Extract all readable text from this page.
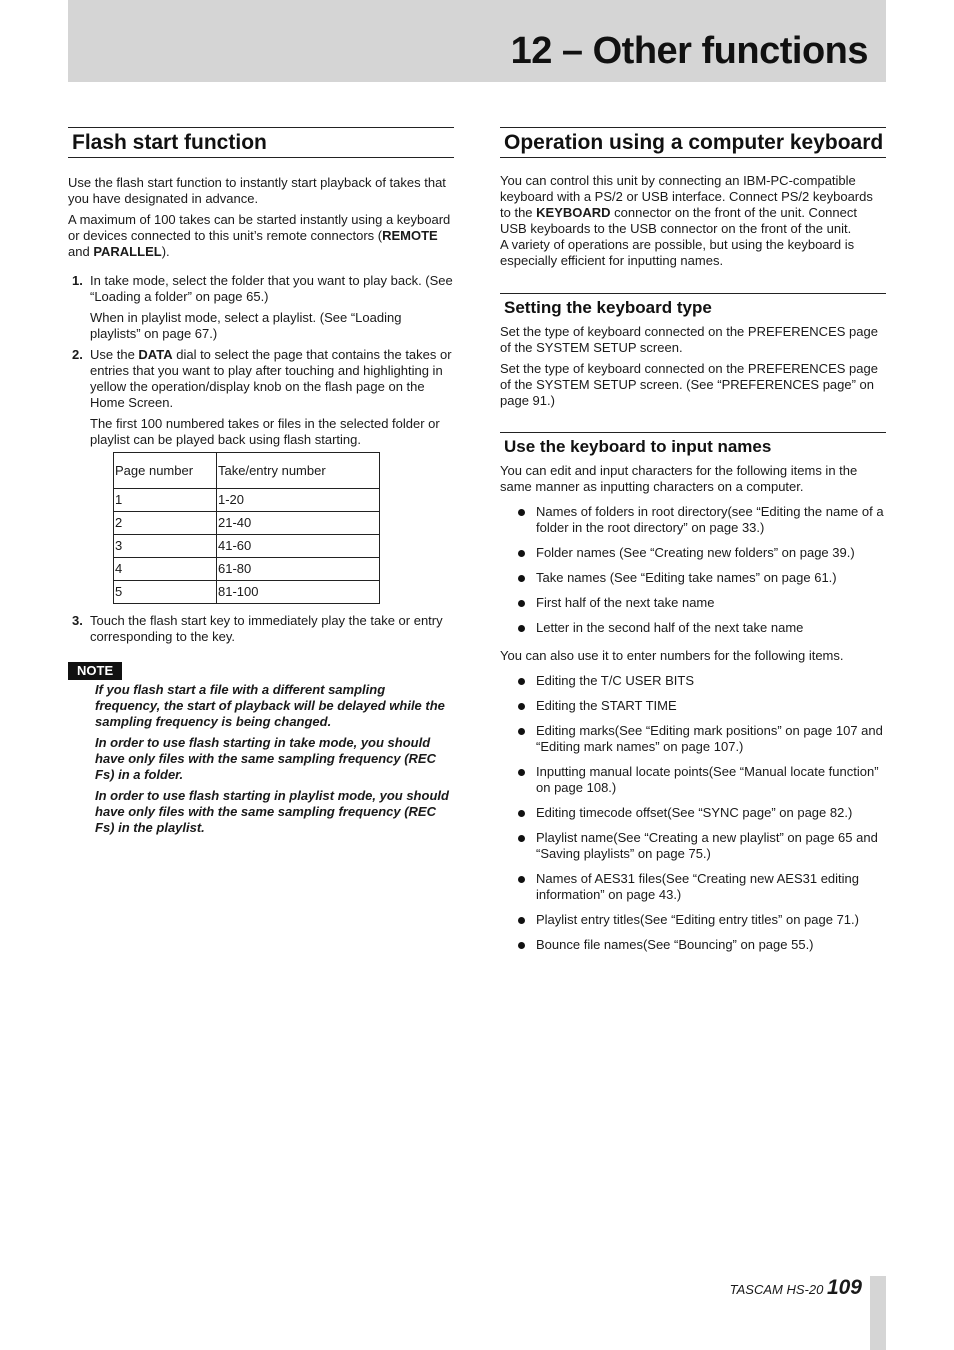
12 – Other functions
Flash start function

Use the flash start function to instantly start playback of takes that you have designated in advance.

A maximum of 100 takes can be started instantly using a keyboard or devices connected to this unit’s remote connectors (REMOTE and PARALLEL).

1. In take mode, select the folder that you want to play back. (See “Loading a folder” on page 65.)

When in playlist mode, select a playlist. (See “Loading playlists” on page 67.)

2. Use the DATA dial to select the page that contains the takes or entries that you want to play after touching and highlighting in yellow the operation/display knob on the flash page on the Home Screen.

The first 100 numbered takes or files in the selected folder or playlist can be played back using flash starting.

Page number	Take/entry number
1	1-20
2	21-40
3	41-60
4	61-80
5	81-100
3. Touch the flash start key to immediately play the take or entry corresponding to the key.

NOTE

If you flash start a file with a different sampling frequency, the start of playback will be delayed while the sampling frequency is being changed.

In order to use flash starting in take mode, you should have only files with the same sampling frequency (REC Fs) in a folder.

In order to use flash starting in playlist mode, you should have only files with the same sampling frequency (REC Fs) in the playlist.

Operation using a computer keyboard

You can control this unit by connecting an IBM-PC-compatible keyboard with a PS/2 or USB interface. Connect PS/2 keyboards to the KEYBOARD connector on the front of the unit. Connect USB keyboards to the USB connector on the front of the unit.

A variety of operations are possible, but using the keyboard is especially efficient for inputting names.

Setting the keyboard type

Set the type of keyboard connected on the PREFERENCES page of the SYSTEM SETUP screen.

Set the type of keyboard connected on the PREFERENCES page of the SYSTEM SETUP screen. (See “PREFERENCES page” on page 91.)

Use the keyboard to input names

You can edit and input characters for the following items in the same manner as inputting characters on a computer.

Names of folders in root directory(see “Editing the name of a folder in the root directory” on page 33.)
Folder names (See “Creating new folders” on page 39.)
Take names (See “Editing take names” on page 61.)
First half of the next take name
Letter in the second half of the next take name

You can also use it to enter numbers for the following items.

Editing the T/C USER BITS
Editing the START TIME
Editing marks(See “Editing mark positions” on page 107 and “Editing mark names” on page 107.)
Inputting manual locate points(See “Manual locate function” on page 108.)
Editing timecode offset(See “SYNC page” on page 82.)
Playlist name(See “Creating a new playlist” on page 65 and “Saving playlists” on page 75.)
Names of AES31 files(See “Creating new AES31 editing information” on page 43.)
Playlist entry titles(See “Editing entry titles” on page 71.)
Bounce file names(See “Bouncing” on page 55.)
TASCAM HS-20 109
